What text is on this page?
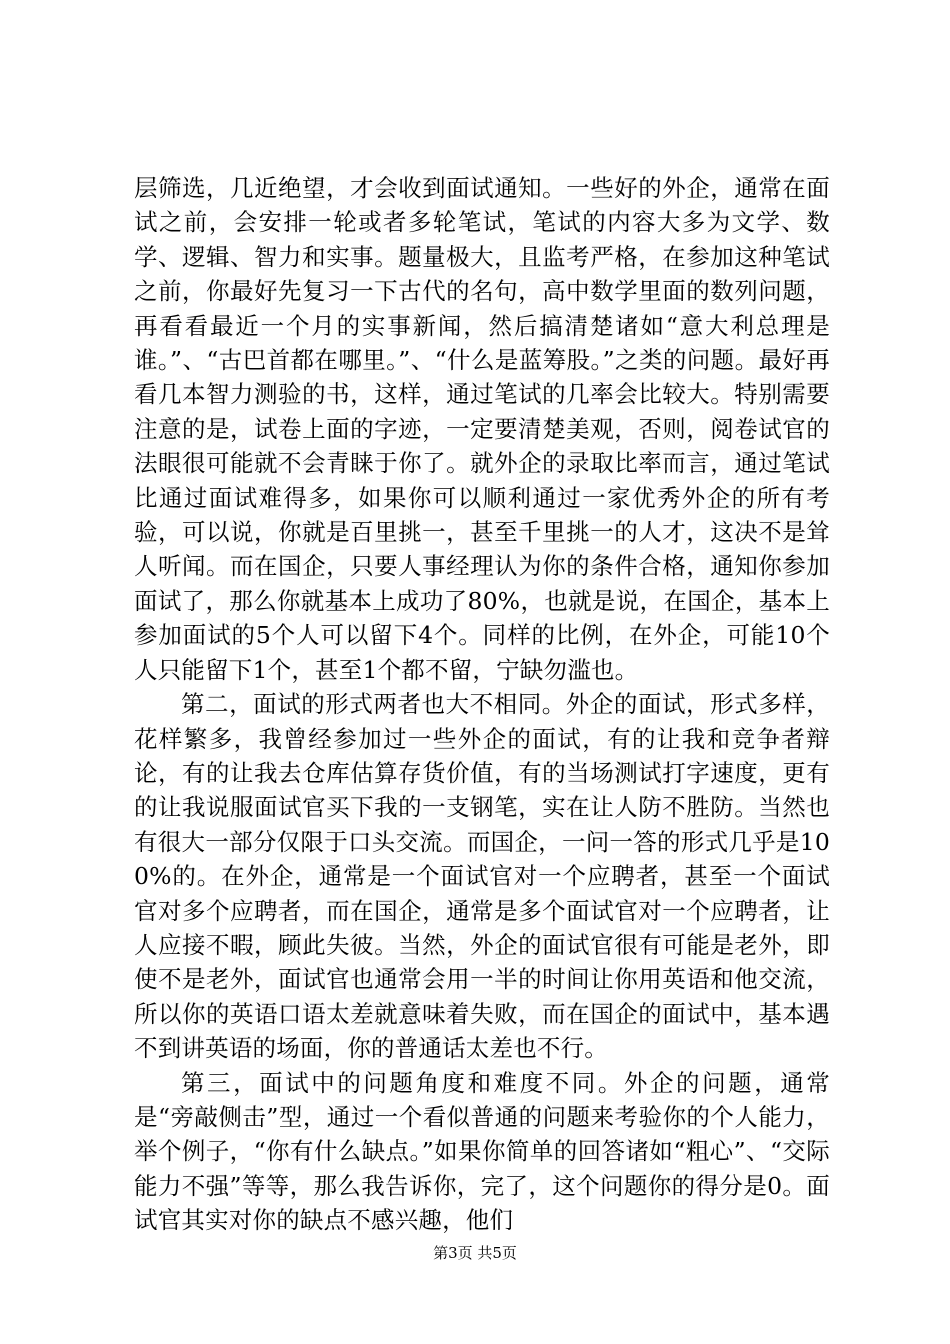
层筛选，几近绝望，才会收到面试通知。一些好的外企，通常在面试之前，会安排一轮或者多轮笔试，笔试的内容大多为文学、数学、逻辑、智力和实事。题量极大，且监考严格，在参加这种笔试之前，你最好先复习一下古代的名句，高中数学里面的数列问题，再看看最近一个月的实事新闻，然后搞清楚诸如“意大利总理是谁。”、“古巴首都在哪里。”、“什么是蓝筹股。”之类的问题。最好再看几本智力测验的书，这样，通过笔试的几率会比较大。特别需要注意的是，试卷上面的字迹，一定要清楚美观，否则，阅卷试官的法眼很可能就不会青睐于你了。就外企的录取比率而言，通过笔试比通过面试难得多，如果你可以顺利通过一家优秀外企的所有考验，可以说，你就是百里挑一，甚至千里挑一的人才，这决不是耸人听闻。而在国企，只要人事经理认为你的条件合格，通知你参加面试了，那么你就基本上成功了80%，也就是说，在国企，基本上参加面试的5个人可以留下4个。同样的比例，在外企，可能10个人只能留下1个，甚至1个都不留，宁缺勿滥也。

第二，面试的形式两者也大不相同。外企的面试，形式多样，花样繁多，我曾经参加过一些外企的面试，有的让我和竞争者辩论，有的让我去仓库估算存货价值，有的当场测试打字速度，更有的让我说服面试官买下我的一支钢笔，实在让人防不胜防。当然也有很大一部分仅限于口头交流。而国企，一问一答的形式几乎是100%的。在外企，通常是一个面试官对一个应聘者，甚至一个面试官对多个应聘者，而在国企，通常是多个面试官对一个应聘者，让人应接不暇，顾此失彼。当然，外企的面试官很有可能是老外，即使不是老外，面试官也通常会用一半的时间让你用英语和他交流，所以你的英语口语太差就意味着失败，而在国企的面试中，基本遇不到讲英语的场面，你的普通话太差也不行。

第三，面试中的问题角度和难度不同。外企的问题，通常是“旁敲侧击”型，通过一个看似普通的问题来考验你的个人能力，举个例子，“你有什么缺点。”如果你简单的回答诸如“粗心”、“交际能力不强”等等，那么我告诉你，完了，这个问题你的得分是0。面试官其实对你的缺点不感兴趣，他们

第3页 共5页
